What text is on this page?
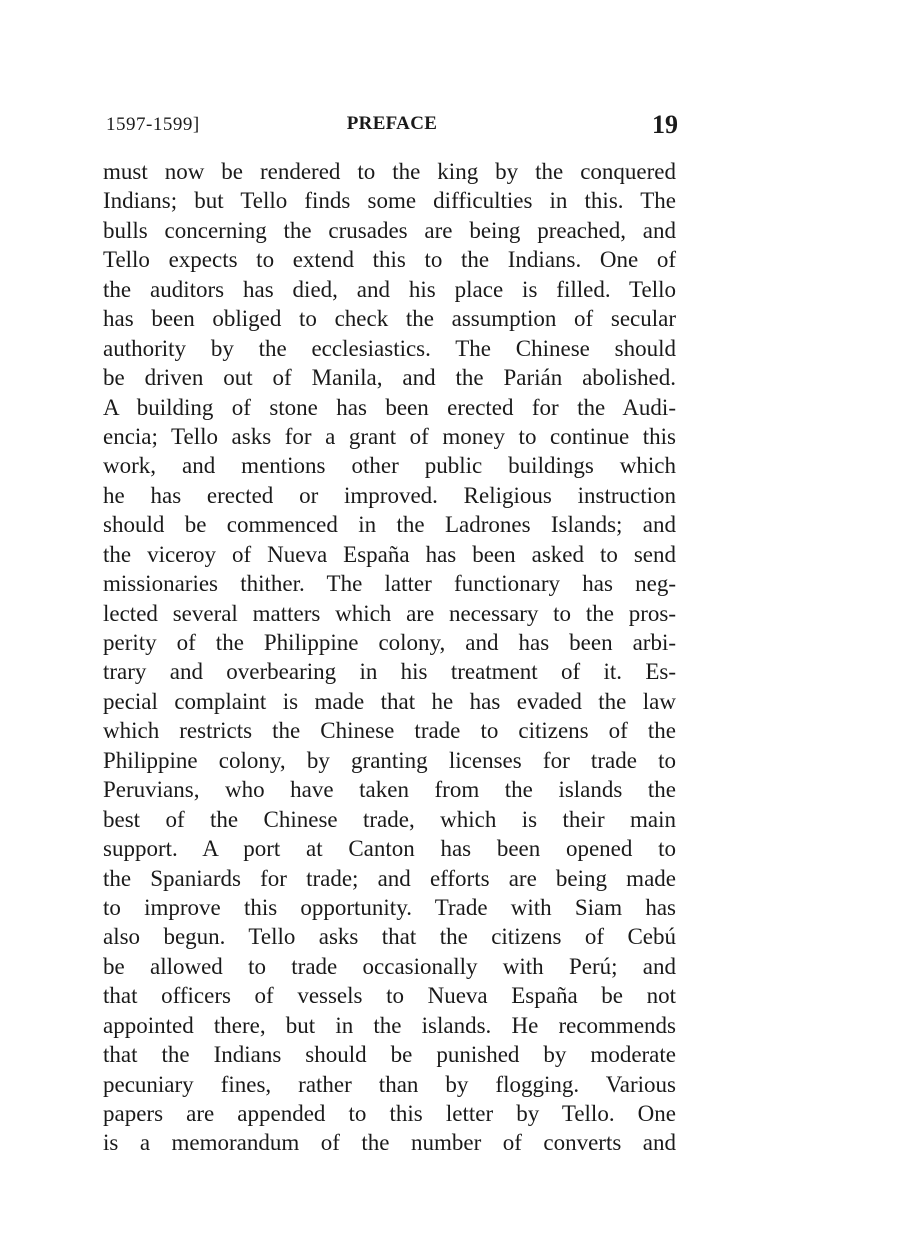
1597-1599]	PREFACE	19
must now be rendered to the king by the conquered
Indians; but Tello finds some difficulties in this. The
bulls concerning the crusades are being preached, and
Tello expects to extend this to the Indians. One of
the auditors has died, and his place is filled. Tello
has been obliged to check the assumption of secular
authority by the ecclesiastics. The Chinese should
be driven out of Manila, and the Parián abolished.
A building of stone has been erected for the Audi-
encia; Tello asks for a grant of money to continue this
work, and mentions other public buildings which
he has erected or improved. Religious instruction
should be commenced in the Ladrones Islands; and
the viceroy of Nueva España has been asked to send
missionaries thither. The latter functionary has neg-
lected several matters which are necessary to the pros-
perity of the Philippine colony, and has been arbi-
trary and overbearing in his treatment of it. Es-
pecial complaint is made that he has evaded the law
which restricts the Chinese trade to citizens of the
Philippine colony, by granting licenses for trade to
Peruvians, who have taken from the islands the
best of the Chinese trade, which is their main
support. A port at Canton has been opened to
the Spaniards for trade; and efforts are being made
to improve this opportunity. Trade with Siam has
also begun. Tello asks that the citizens of Cebú
be allowed to trade occasionally with Perú; and
that officers of vessels to Nueva España be not
appointed there, but in the islands. He recommends
that the Indians should be punished by moderate
pecuniary fines, rather than by flogging. Various
papers are appended to this letter by Tello. One
is a memorandum of the number of converts and
